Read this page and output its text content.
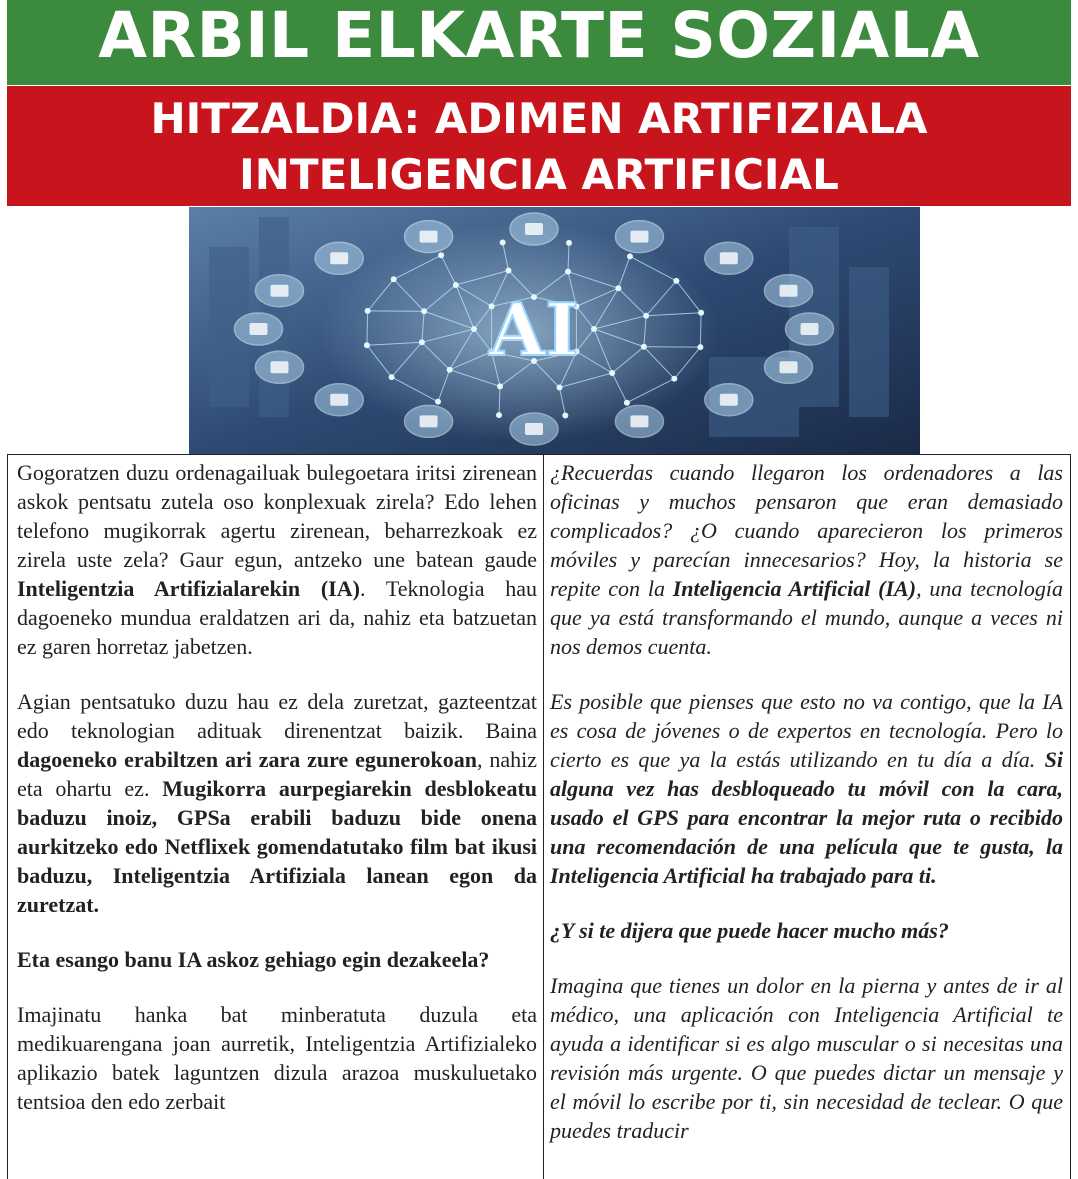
ARBIL ELKARTE SOZIALA
HITZALDIA: ADIMEN ARTIFIZIALA
INTELIGENCIA ARTIFICIAL
AI

Gogoratzen duzu ordenagailuak bulegoetara iritsi zirenean askok pentsatu zutela oso konplexuak zirela? Edo lehen telefono mugikorrak agertu zirenean, beharrezkoak ez zirela uste zela? Gaur egun, antzeko une batean gaude Inteligentzia Artifizialarekin (IA). Teknologia hau dagoeneko mundua eraldatzen ari da, nahiz eta batzuetan ez garen horretaz jabetzen.

Agian pentsatuko duzu hau ez dela zuretzat, gazteentzat edo teknologian adituak direnentzat baizik. Baina dagoeneko erabiltzen ari zara zure egunerokoan, nahiz eta ohartu ez. Mugikorra aurpegiarekin desblokeatu baduzu inoiz, GPSa erabili baduzu bide onena aurkitzeko edo Netflixek gomendatutako film bat ikusi baduzu, Inteligentzia Artifiziala lanean egon da zuretzat.

Eta esango banu IA askoz gehiago egin dezakeela?

Imajinatu hanka bat minberatuta duzula eta medikuarengana joan aurretik, Inteligentzia Artifizialeko aplikazio batek laguntzen dizula arazoa muskuluetako tentsioa den edo zerbait

¿Recuerdas cuando llegaron los ordenadores a las oficinas y muchos pensaron que eran demasiado complicados? ¿O cuando aparecieron los primeros móviles y parecían innecesarios? Hoy, la historia se repite con la Inteligencia Artificial (IA), una tecnología que ya está transformando el mundo, aunque a veces ni nos demos cuenta.

Es posible que pienses que esto no va contigo, que la IA es cosa de jóvenes o de expertos en tecnología. Pero lo cierto es que ya la estás utilizando en tu día a día. Si alguna vez has desbloqueado tu móvil con la cara, usado el GPS para encontrar la mejor ruta o recibido una recomendación de una película que te gusta, la Inteligencia Artificial ha trabajado para ti.

¿Y si te dijera que puede hacer mucho más?

Imagina que tienes un dolor en la pierna y antes de ir al médico, una aplicación con Inteligencia Artificial te ayuda a identificar si es algo muscular o si necesitas una revisión más urgente. O que puedes dictar un mensaje y el móvil lo escribe por ti, sin necesidad de teclear. O que puedes traducir
